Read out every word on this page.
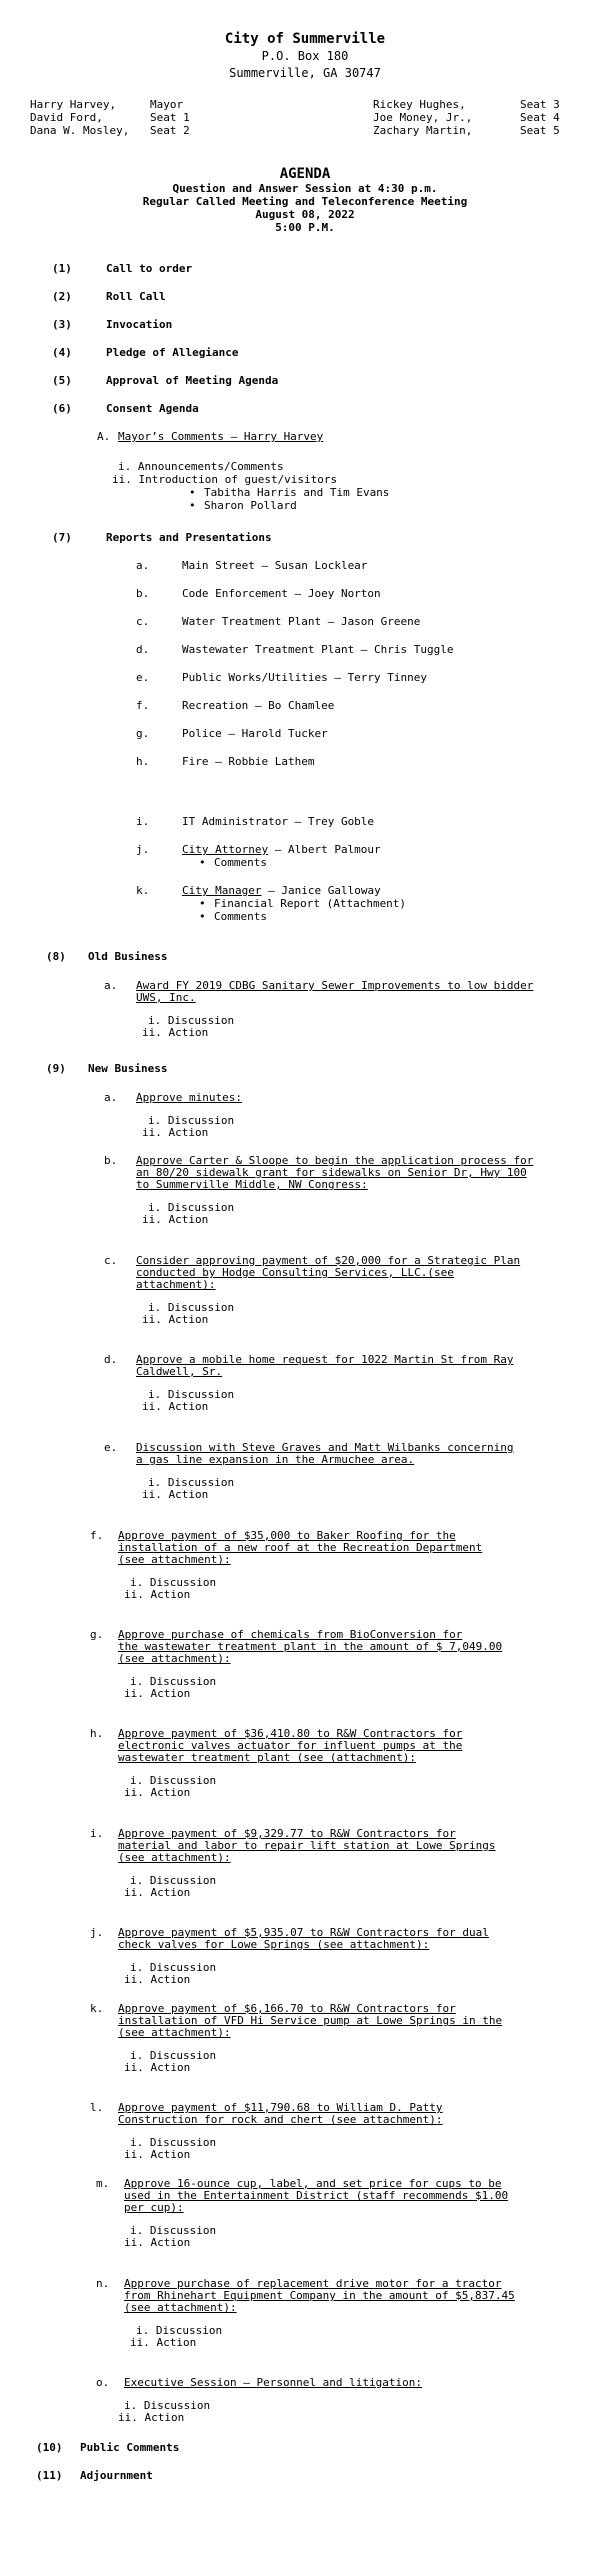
City of Summerville
P.O. Box 180
Summerville, GA 30747
Harry Harvey,	Mayor
David Ford,	Seat 1
Dana W. Mosley, Seat 2
Rickey Hughes,	Seat 3
Joe Money, Jr.,	Seat 4
Zachary Martin,	Seat 5
AGENDA
Question and Answer Session at 4:30 p.m.
Regular Called Meeting and Teleconference Meeting
August 08, 2022
5:00 P.M.
(1)	Call to order
(2)	Roll Call
(3)	Invocation
(4)	Pledge of Allegiance
(5)	Approval of Meeting Agenda
(6)	Consent Agenda
A. Mayor’s Comments – Harry Harvey
i. Announcements/Comments
ii. Introduction of guest/visitors
• Tabitha Harris and Tim Evans
• Sharon Pollard
(7)	Reports and Presentations
a.	Main Street – Susan Locklear
b.	Code Enforcement – Joey Norton
c.	Water Treatment Plant – Jason Greene
d.	Wastewater Treatment Plant – Chris Tuggle
e.	Public Works/Utilities – Terry Tinney
f.	Recreation – Bo Chamlee
g.	Police – Harold Tucker
h.	Fire – Robbie Lathem
i.	IT Administrator – Trey Goble
j.	City Attorney – Albert Palmour
• Comments
k.	City Manager – Janice Galloway
• Financial Report (Attachment)
• Comments
(8) Old Business
a. Award FY 2019 CDBG Sanitary Sewer Improvements to low bidder
UWS, Inc.
i. Discussion
ii. Action
(9) New Business
a. Approve minutes:
i. Discussion
ii. Action
b. Approve Carter & Sloope to begin the application process for
an 80/20 sidewalk grant for sidewalks on Senior Dr, Hwy 100
to Summerville Middle, NW Congress:
i. Discussion
ii. Action
c. Consider approving payment of $20,000 for a Strategic Plan
conducted by Hodge Consulting Services, LLC.(see
attachment):
i. Discussion
ii. Action
d. Approve a mobile home request for 1022 Martin St from Ray
Caldwell, Sr.
i. Discussion
ii. Action
e. Discussion with Steve Graves and Matt Wilbanks concerning
a gas line expansion in the Armuchee area.
i. Discussion
ii. Action
f. Approve payment of $35,000 to Baker Roofing for the
installation of a new roof at the Recreation Department
(see attachment):
i. Discussion
ii. Action
g. Approve purchase of chemicals from BioConversion for
the wastewater treatment plant in the amount of $ 7,049.00
(see attachment):
i. Discussion
ii. Action
h. Approve payment of $36,410.80 to R&W Contractors for
electronic valves actuator for influent pumps at the
wastewater treatment plant (see (attachment):
i. Discussion
ii. Action
i. Approve payment of $9,329.77 to R&W Contractors for
material and labor to repair lift station at Lowe Springs
(see attachment):
i. Discussion
ii. Action
j. Approve payment of $5,935.07 to R&W Contractors for dual
check valves for Lowe Springs (see attachment):
i. Discussion
ii. Action
k. Approve payment of $6,166.70 to R&W Contractors for
installation of VFD Hi Service pump at Lowe Springs in the
(see attachment):
i. Discussion
ii. Action
l. Approve payment of $11,790.68 to William D. Patty
Construction for rock and chert (see attachment):
i. Discussion
ii. Action
m. Approve 16-ounce cup, label, and set price for cups to be
used in the Entertainment District (staff recommends $1.00
per cup):
i. Discussion
ii. Action
n. Approve purchase of replacement drive motor for a tractor
from Rhinehart Equipment Company in the amount of $5,837.45
(see attachment):
i. Discussion
ii. Action
o. Executive Session – Personnel and litigation:
i. Discussion
ii. Action
(10) Public Comments
(11) Adjournment
